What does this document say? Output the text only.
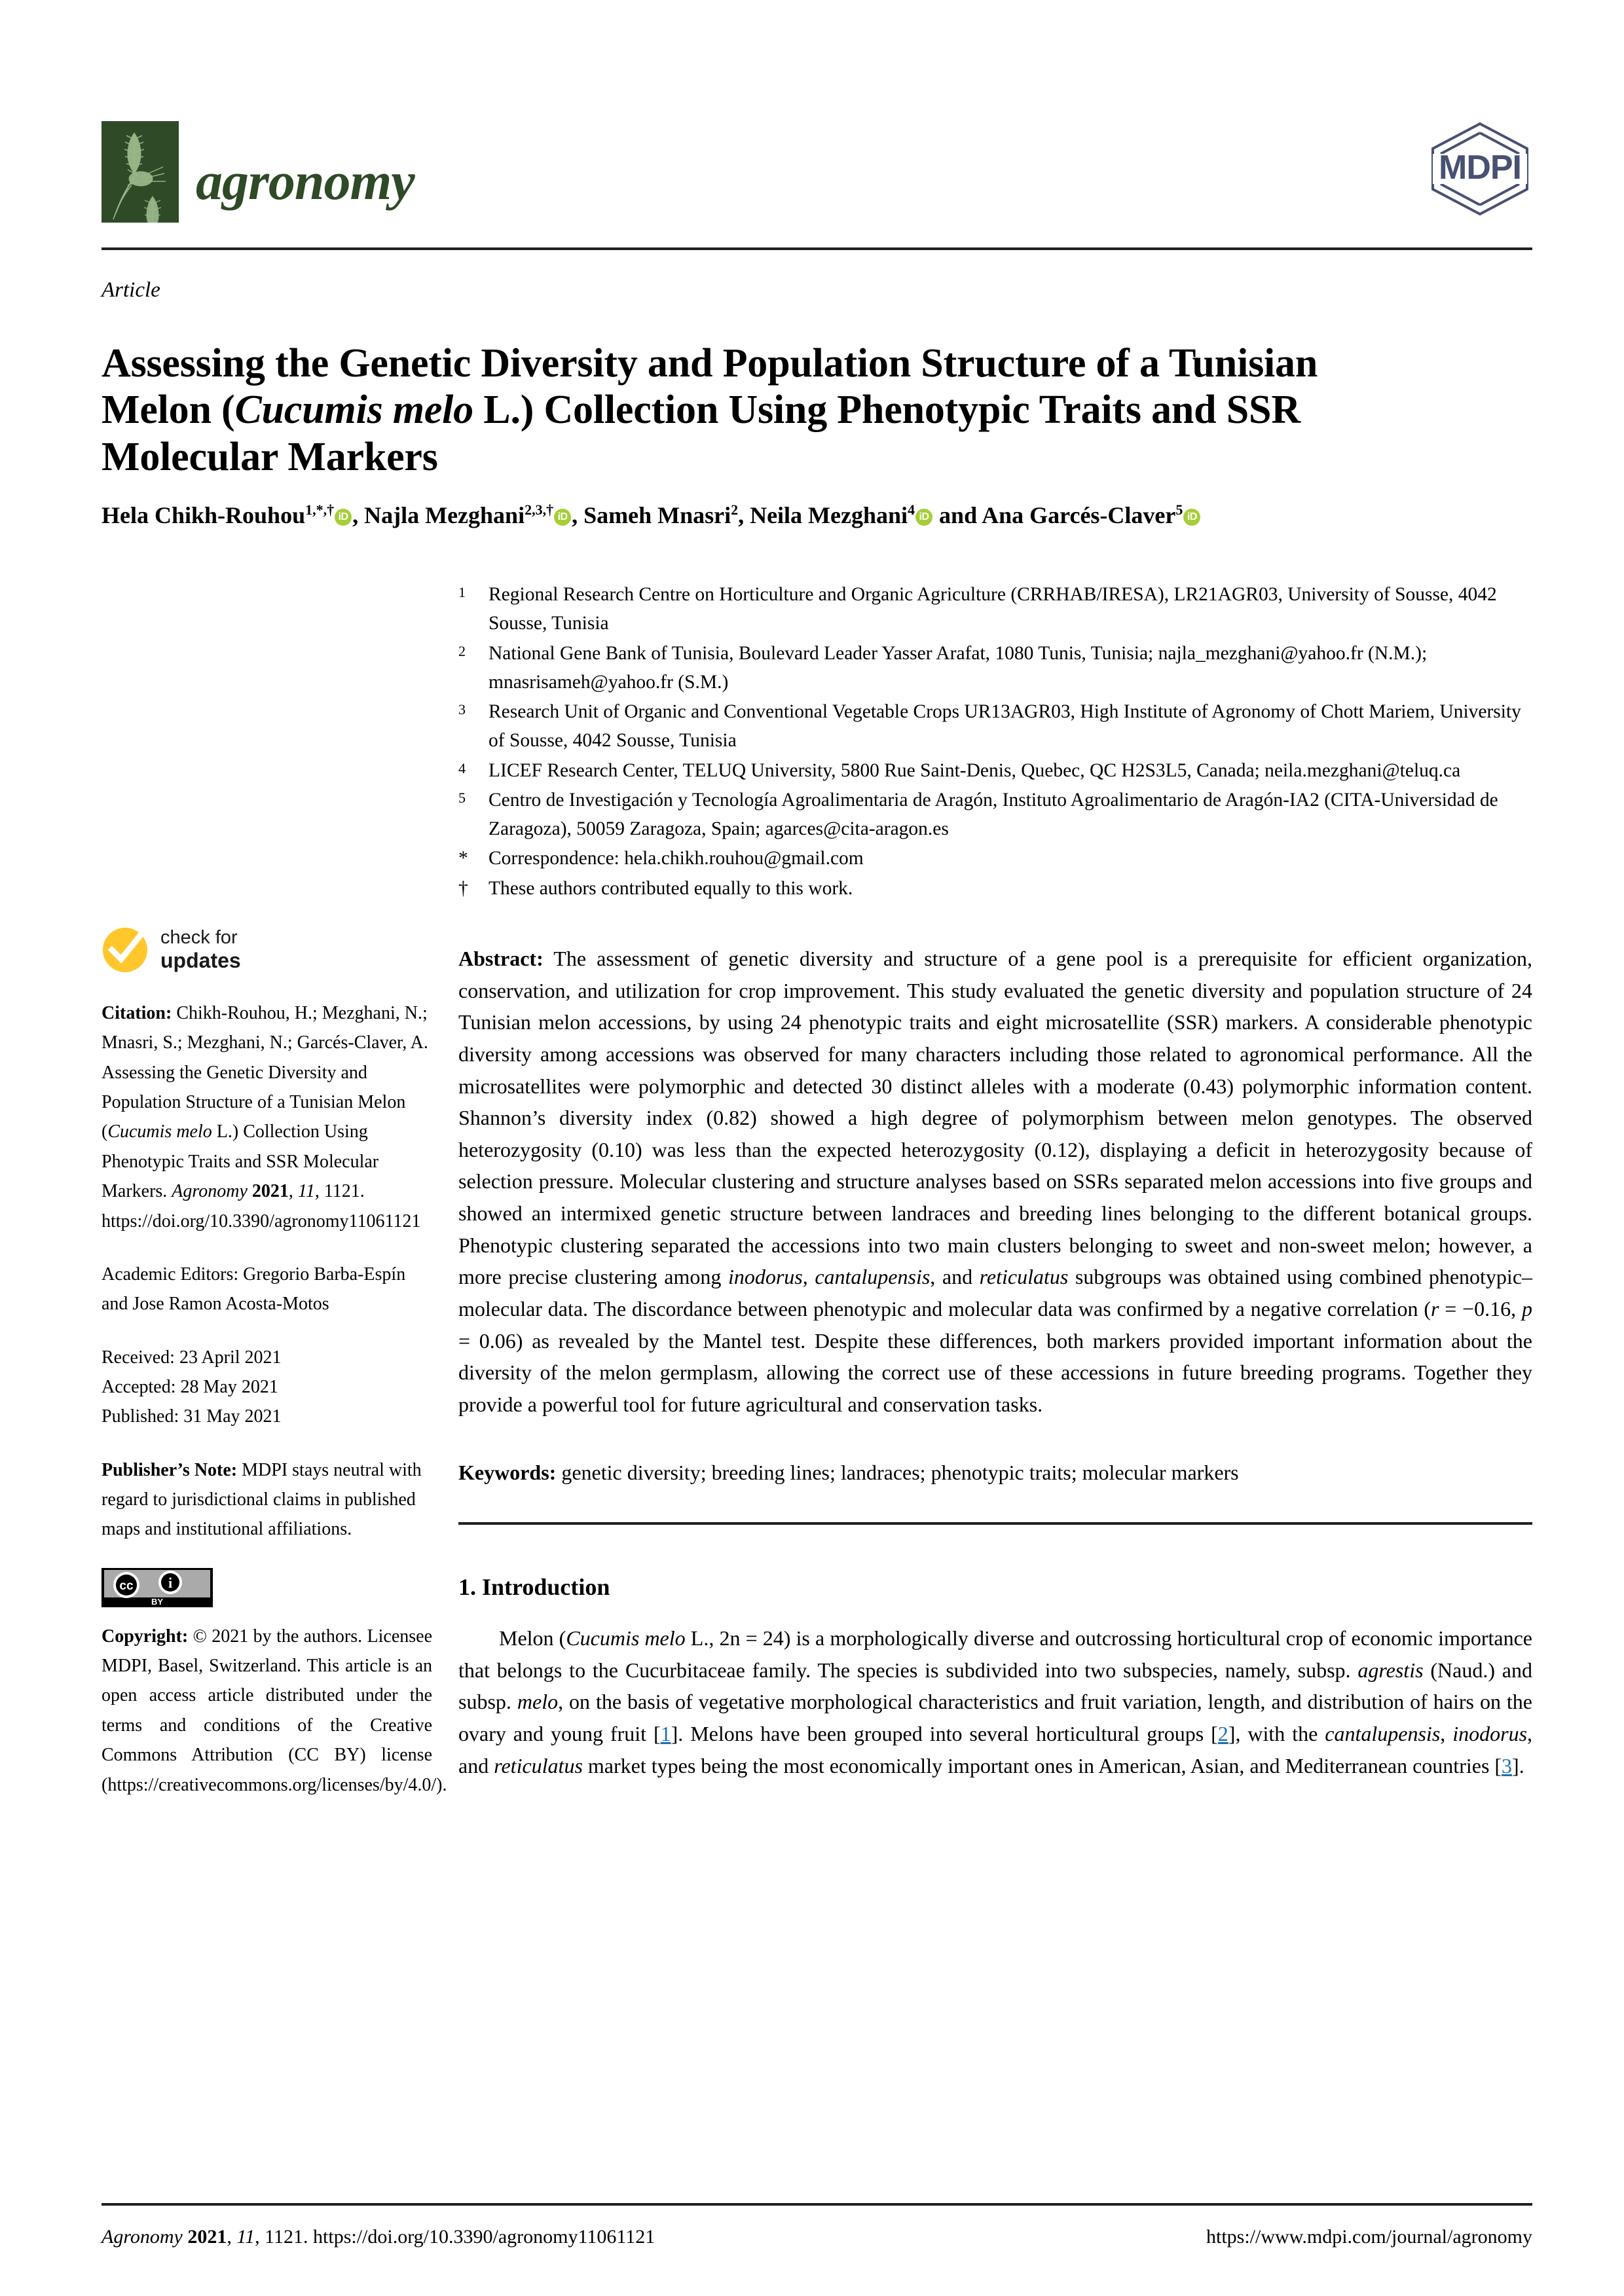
agronomy	MDPI
Article
Assessing the Genetic Diversity and Population Structure of a Tunisian Melon (Cucumis melo L.) Collection Using Phenotypic Traits and SSR Molecular Markers
Hela Chikh-Rouhou$^{1,*,\dagger}$ iD , Najla Mezghani$^{2,3,\dagger}$ iD , Sameh Mnasri$^2$, Neila Mezghani$^4$ iD and Ana Garcés-Claver$^5$ iD
1	Regional Research Centre on Horticulture and Organic Agriculture (CRRHAB/IRESA), LR21AGR03, University of Sousse, 4042 Sousse, Tunisia
2	National Gene Bank of Tunisia, Boulevard Leader Yasser Arafat, 1080 Tunis, Tunisia; najla_mezghani@yahoo.fr (N.M.); mnasrisameh@yahoo.fr (S.M.)
3	Research Unit of Organic and Conventional Vegetable Crops UR13AGR03, High Institute of Agronomy of Chott Mariem, University of Sousse, 4042 Sousse, Tunisia
4	LICEF Research Center, TELUQ University, 5800 Rue Saint-Denis, Quebec, QC H2S3L5, Canada; neila.mezghani@teluq.ca
5	Centro de Investigación y Tecnología Agroalimentaria de Aragón, Instituto Agroalimentario de Aragón-IA2 (CITA-Universidad de Zaragoza), 50059 Zaragoza, Spain; agarces@cita-aragon.es
*	Correspondence: hela.chikh.rouhou@gmail.com
†	These authors contributed equally to this work.
check for
updates
Citation: Chikh-Rouhou, H.; Mezghani, N.; Mnasri, S.; Mezghani, N.; Garcés-Claver, A. Assessing the Genetic Diversity and Population Structure of a Tunisian Melon (Cucumis melo L.) Collection Using Phenotypic Traits and SSR Molecular Markers. Agronomy 2021, 11, 1121. https://doi.org/10.3390/agronomy11061121
Academic Editors: Gregorio Barba-Espín and Jose Ramon Acosta-Motos
Received: 23 April 2021
Accepted: 28 May 2021
Published: 31 May 2021
Publisher’s Note: MDPI stays neutral with regard to jurisdictional claims in published maps and institutional affiliations.
cc i
BY
Copyright: © 2021 by the authors. Licensee MDPI, Basel, Switzerland. This article is an open access article distributed under the terms and conditions of the Creative Commons Attribution (CC BY) license (https://creativecommons.org/licenses/by/4.0/).
Abstract: The assessment of genetic diversity and structure of a gene pool is a prerequisite for efficient organization, conservation, and utilization for crop improvement. This study evaluated the genetic diversity and population structure of 24 Tunisian melon accessions, by using 24 phenotypic traits and eight microsatellite (SSR) markers. A considerable phenotypic diversity among accessions was observed for many characters including those related to agronomical performance. All the microsatellites were polymorphic and detected 30 distinct alleles with a moderate (0.43) polymorphic information content. Shannon’s diversity index (0.82) showed a high degree of polymorphism between melon genotypes. The observed heterozygosity (0.10) was less than the expected heterozygosity (0.12), displaying a deficit in heterozygosity because of selection pressure. Molecular clustering and structure analyses based on SSRs separated melon accessions into five groups and showed an intermixed genetic structure between landraces and breeding lines belonging to the different botanical groups. Phenotypic clustering separated the accessions into two main clusters belonging to sweet and non-sweet melon; however, a more precise clustering among inodorus, cantalupensis, and reticulatus subgroups was obtained using combined phenotypic–molecular data. The discordance between phenotypic and molecular data was confirmed by a negative correlation (r = −0.16, p = 0.06) as revealed by the Mantel test. Despite these differences, both markers provided important information about the diversity of the melon germplasm, allowing the correct use of these accessions in future breeding programs. Together they provide a powerful tool for future agricultural and conservation tasks.
Keywords: genetic diversity; breeding lines; landraces; phenotypic traits; molecular markers
1. Introduction

Melon (Cucumis melo L., 2n = 24) is a morphologically diverse and outcrossing horticultural crop of economic importance that belongs to the Cucurbitaceae family. The species is subdivided into two subspecies, namely, subsp. agrestis (Naud.) and subsp. melo, on the basis of vegetative morphological characteristics and fruit variation, length, and distribution of hairs on the ovary and young fruit [1]. Melons have been grouped into several horticultural groups [2], with the cantalupensis, inodorus, and reticulatus market types being the most economically important ones in American, Asian, and Mediterranean countries [3].

Agronomy 2021, 11, 1121. https://doi.org/10.3390/agronomy11061121	https://www.mdpi.com/journal/agronomy
